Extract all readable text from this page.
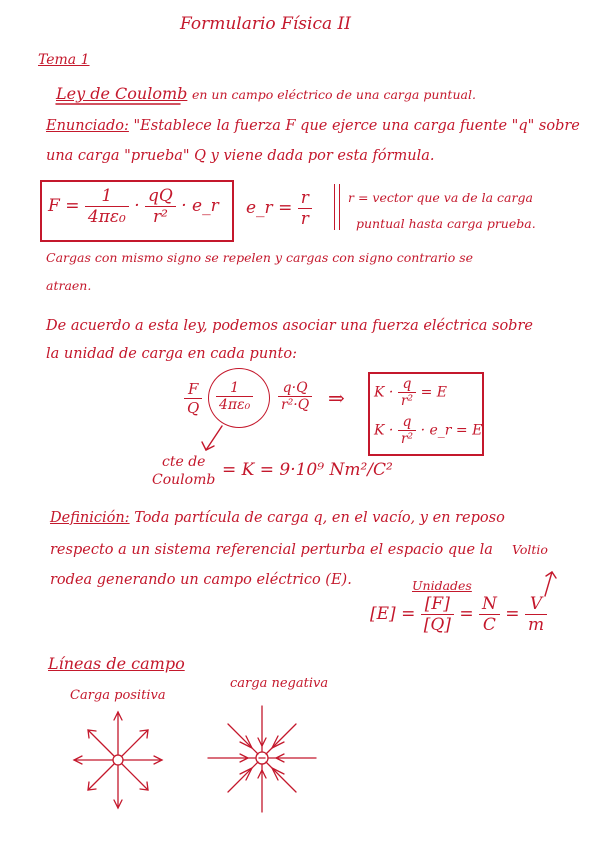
Formulario Física II
Tema 1
Ley de Coulomb en un campo eléctrico de una carga puntual.
Enunciado: "Establece la fuerza F que ejerce una carga fuente "q" sobre
una carga "prueba" Q y viene dada por esta fórmula.
$F = \frac{1}{\text{4πε₀}} \cdot \frac{qQ}{\text{r²}}$ · e_r e_r = $\frac{r}{r}$	r = vector que va de la carga
puntual hasta carga prueba.
Cargas con mismo signo se repelen y cargas con signo contrario se
atraen.
De acuerdo a esta ley, podemos asociar una fuerza eléctrica sobre
la unidad de carga en cada punto:
$\frac{F}{Q} \frac{1}{\text{4πε₀}} \frac{q\cdot Q}{\text{r²·Q}}$ ⇒ $K \cdot \frac{q}{\text{r²}} = E$
$K \cdot \frac{q}{\text{r²}}$ · e_r = E
cte de
Coulomb = K = 9·10⁹ Nm²/C²
Definición: Toda partícula de carga q, en el vacío, y en reposo
respecto a un sistema referencial perturba el espacio que la
rodea generando un campo eléctrico (E).
Voltio
Unidades
$[E] = \frac{[F]}{[Q]} = \frac{N}{C} = \frac{V}{m}$
Líneas de campo
Carga positiva
carga negativa
